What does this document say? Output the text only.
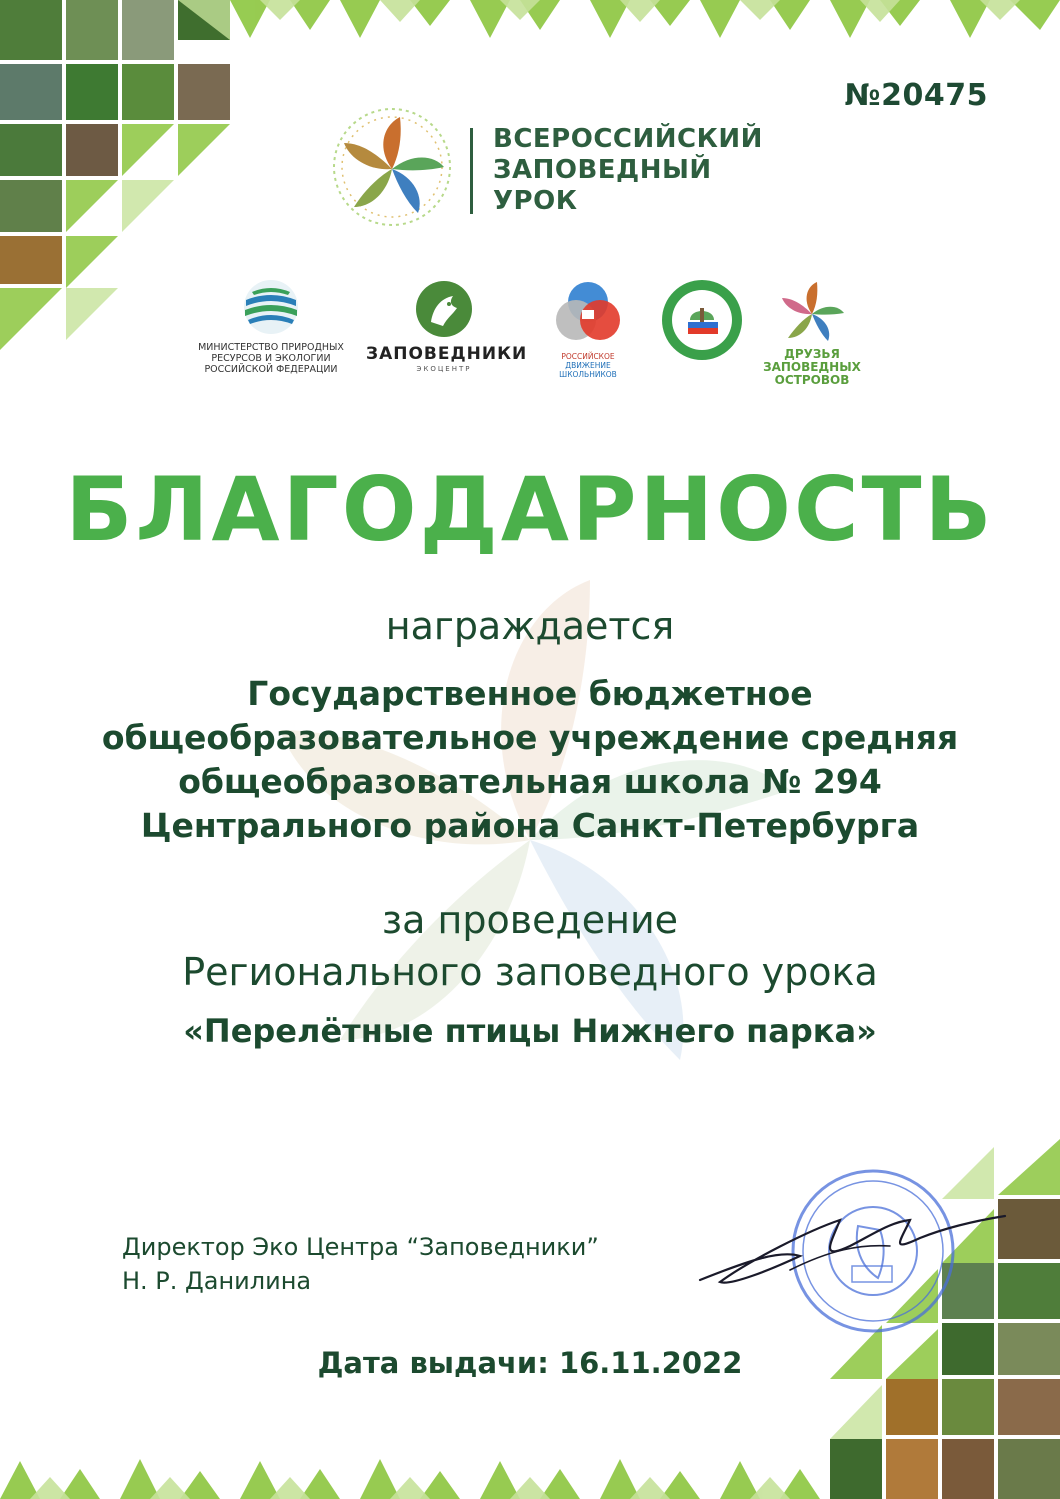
№20475
ВСЕРОССИЙСКИЙ
ЗАПОВЕДНЫЙ
УРОК
МИНИСТЕРСТВО ПРИРОДНЫХ
РЕСУРСОВ И ЭКОЛОГИИ
РОССИЙСКОЙ ФЕДЕРАЦИИ
ЗАПОВЕДНИКИ
ЭКОЦЕНТР
РОССИЙСКОЕ
ДВИЖЕНИЕ ШКОЛЬНИКОВ
ДРУЗЬЯ
ЗАПОВЕДНЫХ
ОСТРОВОВ
БЛАГОДАРНОСТЬ
награждается
Государственное бюджетное
общеобразовательное учреждение средняя
общеобразовательная школа № 294
Центрального района Санкт-Петербурга
за проведение
Регионального заповедного урока
«Перелётные птицы Нижнего парка»
Директор Эко Центра “Заповедники”
Н. Р. Данилина
Дата выдачи: 16.11.2022
